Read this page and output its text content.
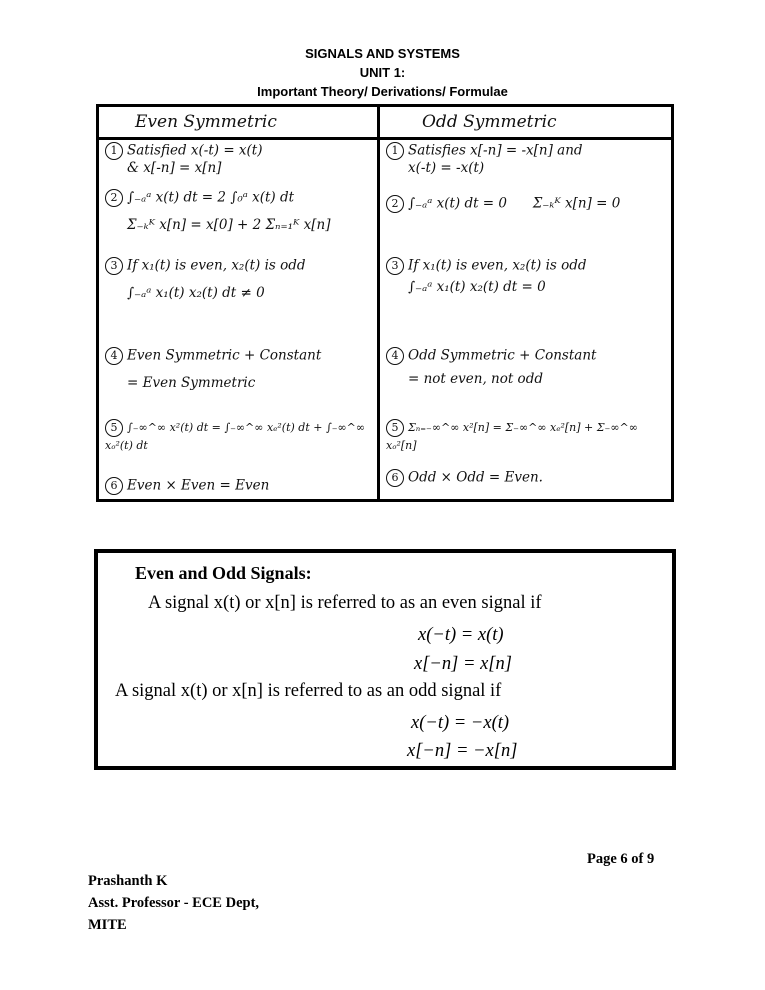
SIGNALS AND SYSTEMS
UNIT 1:
Important Theory/ Derivations/ Formulae
Even Symmetric
1 Satisfied x(-t) = x(t)
& x[-n] = x[n]
2 ∫₋ₐᵃ x(t) dt = 2 ∫₀ᵃ x(t) dt
Σ₋ₖᴷ x[n] = x[0] + 2 Σₙ₌₁ᴷ x[n]
3 If x₁(t) is even, x₂(t) is odd
∫₋ₐᵃ x₁(t) x₂(t) dt ≠ 0
4 Even Symmetric + Constant
= Even Symmetric
5 ∫₋∞^∞ x²(t) dt = ∫₋∞^∞ xₑ²(t) dt + ∫₋∞^∞ xₒ²(t) dt
6 Even × Even = Even
Odd Symmetric
1 Satisfies x[-n] = -x[n] and
x(-t) = -x(t)
2 ∫₋ₐᵃ x(t) dt = 0      Σ₋ₖᴷ x[n] = 0
3 If x₁(t) is even, x₂(t) is odd
∫₋ₐᵃ x₁(t) x₂(t) dt = 0
4 Odd Symmetric + Constant
= not even, not odd
5 Σₙ₌₋∞^∞ x²[n] = Σ₋∞^∞ xₑ²[n] + Σ₋∞^∞ xₒ²[n]
6 Odd × Odd = Even.
Even and Odd Signals:
A signal x(t) or x[n] is referred to as an even signal if
x(−t) = x(t)
x[−n] = x[n]
A signal x(t) or x[n] is referred to as an odd signal if
x(−t) = −x(t)
x[−n] = −x[n]
Page 6 of 9
Prashanth K
Asst. Professor - ECE Dept,
MITE
